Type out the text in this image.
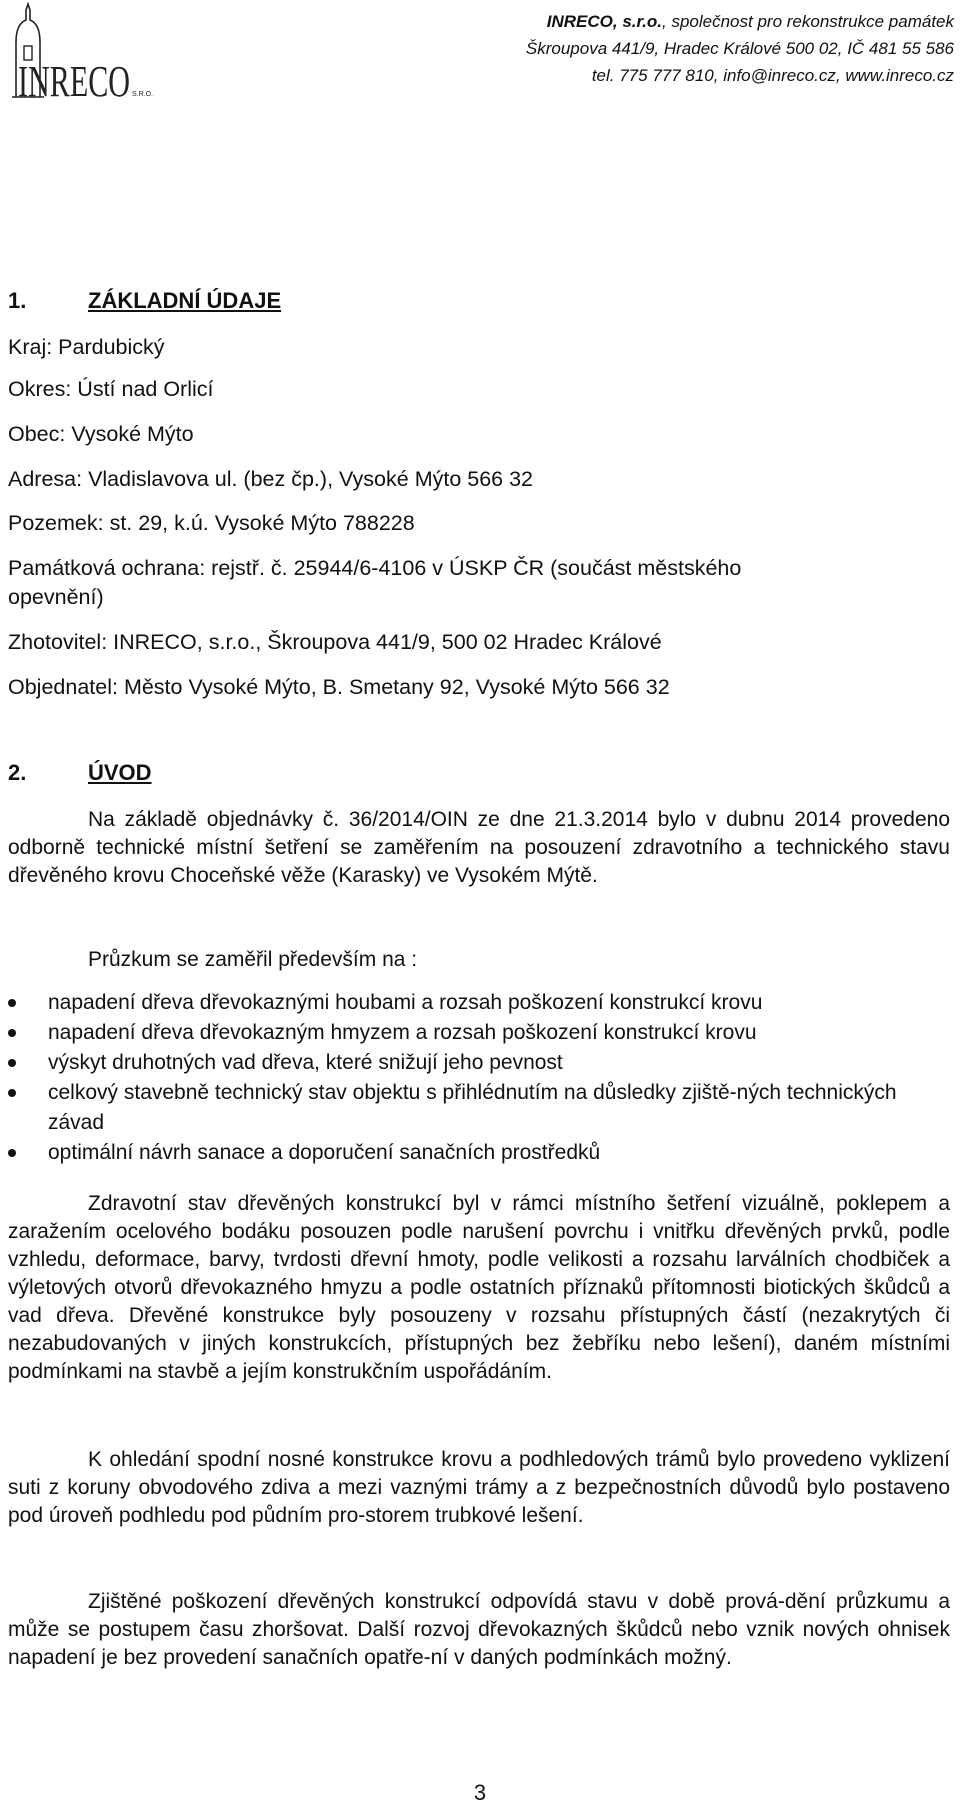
INRECO S.R.O.
INRECO, s.r.o., společnost pro rekonstrukce památek
Škroupova 441/9, Hradec Králové 500 02, IČ 481 55 586
tel. 775 777 810, info@inreco.cz, www.inreco.cz
1.	ZÁKLADNÍ ÚDAJE
Kraj: Pardubický
Okres: Ústí nad Orlicí
Obec: Vysoké Mýto
Adresa: Vladislavova ul. (bez čp.), Vysoké Mýto 566 32
Pozemek: st. 29, k.ú. Vysoké Mýto 788228
Památková ochrana: rejstř. č. 25944/6-4106 v ÚSKP ČR (součást městského
opevnění)
Zhotovitel: INRECO, s.r.o., Škroupova 441/9, 500 02 Hradec Králové
Objednatel: Město Vysoké Mýto, B. Smetany 92, Vysoké Mýto 566 32
2.	ÚVOD
Na základě objednávky č. 36/2014/OIN ze dne 21.3.2014 bylo v dubnu 2014 provedeno odborně technické místní šetření se zaměřením na posouzení zdravotního a technického stavu dřevěného krovu Choceňské věže (Karasky) ve Vysokém Mýtě.
Průzkum se zaměřil především na :
napadení dřeva dřevokaznými houbami a rozsah poškození konstrukcí krovu
napadení dřeva dřevokazným hmyzem a rozsah poškození konstrukcí krovu
výskyt druhotných vad dřeva, které snižují jeho pevnost
celkový stavebně technický stav objektu s přihlédnutím na důsledky zjiště-ných technických závad
optimální návrh sanace a doporučení sanačních prostředků
Zdravotní stav dřevěných konstrukcí byl v rámci místního šetření vizuálně, poklepem a zaražením ocelového bodáku posouzen podle narušení povrchu i vnitřku dřevěných prvků, podle vzhledu, deformace, barvy, tvrdosti dřevní hmoty, podle velikosti a rozsahu larválních chodbiček a výletových otvorů dřevokazného hmyzu a podle ostatních příznaků přítomnosti biotických škůdců a vad dřeva. Dřevěné konstrukce byly posouzeny v rozsahu přístupných částí (nezakrytých či nezabudovaných v jiných konstrukcích, přístupných bez žebříku nebo lešení), daném místními podmínkami na stavbě a jejím konstrukčním uspořádáním.
K ohledání spodní nosné konstrukce krovu a podhledových trámů bylo provedeno vyklizení suti z koruny obvodového zdiva a mezi vaznými trámy a z bezpečnostních důvodů bylo postaveno pod úroveň podhledu pod půdním pro-storem trubkové lešení.
Zjištěné poškození dřevěných konstrukcí odpovídá stavu v době prová-dění průzkumu a může se postupem času zhoršovat. Další rozvoj dřevokazných škůdců nebo vznik nových ohnisek napadení je bez provedení sanačních opatře-ní v daných podmínkách možný.
3
